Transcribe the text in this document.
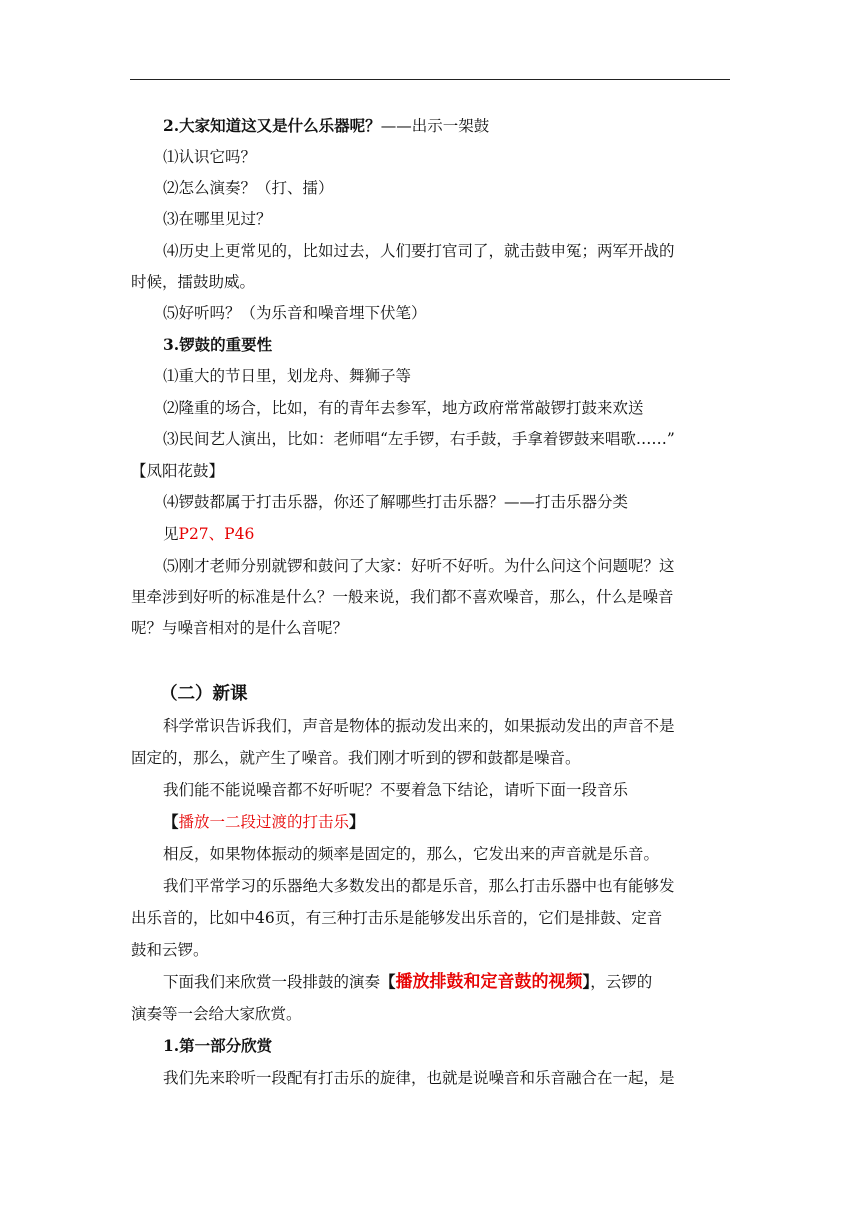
2.大家知道这又是什么乐器呢？——出示一架鼓
⑴认识它吗？
⑵怎么演奏？（打、擂）
⑶在哪里见过？
⑷历史上更常见的，比如过去，人们要打官司了，就击鼓申冤；两军开战的
时候，擂鼓助威。
⑸好听吗？（为乐音和噪音埋下伏笔）
3.锣鼓的重要性
⑴重大的节日里，划龙舟、舞狮子等
⑵隆重的场合，比如，有的青年去参军，地方政府常常敲锣打鼓来欢送
⑶民间艺人演出，比如：老师唱“左手锣，右手鼓，手拿着锣鼓来唱歌……”
【凤阳花鼓】
⑷锣鼓都属于打击乐器，你还了解哪些打击乐器？——打击乐器分类
见P27、P46
⑸刚才老师分别就锣和鼓问了大家：好听不好听。为什么问这个问题呢？这
里牵涉到好听的标准是什么？一般来说，我们都不喜欢噪音，那么，什么是噪音
呢？与噪音相对的是什么音呢？
（二）新课
科学常识告诉我们，声音是物体的振动发出来的，如果振动发出的声音不是
固定的，那么，就产生了噪音。我们刚才听到的锣和鼓都是噪音。
我们能不能说噪音都不好听呢？不要着急下结论，请听下面一段音乐
【播放一二段过渡的打击乐】
相反，如果物体振动的频率是固定的，那么，它发出来的声音就是乐音。
我们平常学习的乐器绝大多数发出的都是乐音，那么打击乐器中也有能够发
出乐音的，比如中46页，有三种打击乐是能够发出乐音的，它们是排鼓、定音
鼓和云锣。
下面我们来欣赏一段排鼓的演奏【播放排鼓和定音鼓的视频】，云锣的
演奏等一会给大家欣赏。
1.第一部分欣赏
我们先来聆听一段配有打击乐的旋律，也就是说噪音和乐音融合在一起，是
